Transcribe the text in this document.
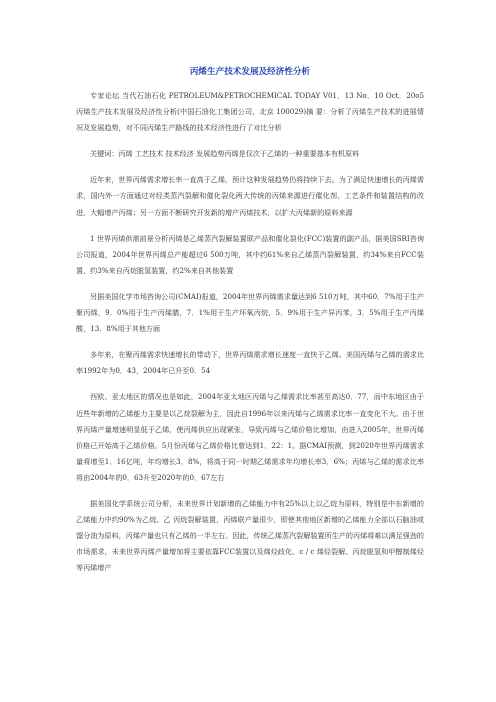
丙烯生产技术发展及经济性分析

专家论坛 当代石油石化 PETROLEUM&PETROCHEMICAL TODAY V01．13 No．10 Oct．20o5 丙烯生产技术发展及经济性分析(中国石油化工集团公司，北京 100029)摘 要：分析了丙烯生产技术的进展情况及发展趋势，对不同丙烯生产路线的技术经济性进行了对比分析

关键词：丙烯 工艺技术 技术经济 发展趋势丙烯是仅次于乙烯的一种重要基本有机原料

近年来，世界丙烯需求增长率一直高于乙烯，预计这种发展趋势仍将持续下去。为了满足快速增长的丙烯需求，国内外一方面通过对经类蒸汽裂解和催化裂化两大传统的丙烯来源进行催化剂、工艺条件和装置结构的改进，大幅增产丙烯；另一方面不断研究开发新的增产丙烯技术，以扩大丙烯新的原料来源

1 世界丙烯供需前景分析丙烯是乙烯蒸汽裂解装置联产品和催化裂化(FCC)装置的副产品，据美国SRI咨询公司报道，2004年世界丙烯总产能超过6 500万吨，其中约61%来自乙烯蒸汽裂解装置，约34%来自FCC装置，约3%来自丙烷脱氢装置，约2%来自其他装置

另据美国化学市场咨询公司(CMAI)报道，2004年世界丙烯需求量达到6 510万吨，其中60．7%用于生产聚丙烯，9．0%用于生产丙烯腈，7．1%用于生产环氧丙烷，5．9%用于生产异丙苯，3．5%用于生产丙烯酸，13．8%用于其他方面

多年来，在聚丙烯需求快速增长的带动下，世界丙烯需求增长速度一直快于乙烯。美国丙烯与乙烯的需求比率1992年为0．43，2004年已升至0．54

西欧、亚太地区的情况也是如此，2004年亚太地区丙烯与乙烯需求比率甚至高达0．77，而中东地区由于近些年新增的乙烯能力主要是以乙烷裂解为主，因此自1996年以来丙烯与乙烯需求比率一直变化不大。由于世界丙烯产量增速明显低于乙烯，使丙烯供应出现紧张，导致丙烯与乙烯价格比增加，由进入2005年，世界丙烯价格已开始高于乙烯价格，5月份丙烯与乙烯价格比曾达到1．22：1。据CMAI预测，到2020年世界丙烯需求量将增至1．16亿吨，年均增长3．8%，将高于同一时期乙烯需求年均增长率3．6%；丙烯与乙烯的需求比率将由2004年的0．63升至2020年的0．67左右

据美国化学系统公司分析，未来世界计划新增的乙烯能力中有25%以上以乙烷为原料，特别是中东新增的乙烯能力中约90%为乙烷、乙 丙烷裂解装置，丙烯联产量很少，即使其他地区新增的乙烯能力全部以石脑油或馏分油为原料，丙烯产量也只有乙烯的一半左右。因此，传统乙烯蒸汽裂解装置所生产的丙烯将难以满足强劲的市场需求，未来世界丙烯产量增加将主要依靠FCC装置以及烯烃歧化、c / c 烯烃裂解、丙烷脱氢和甲醇制烯烃等丙烯增产
